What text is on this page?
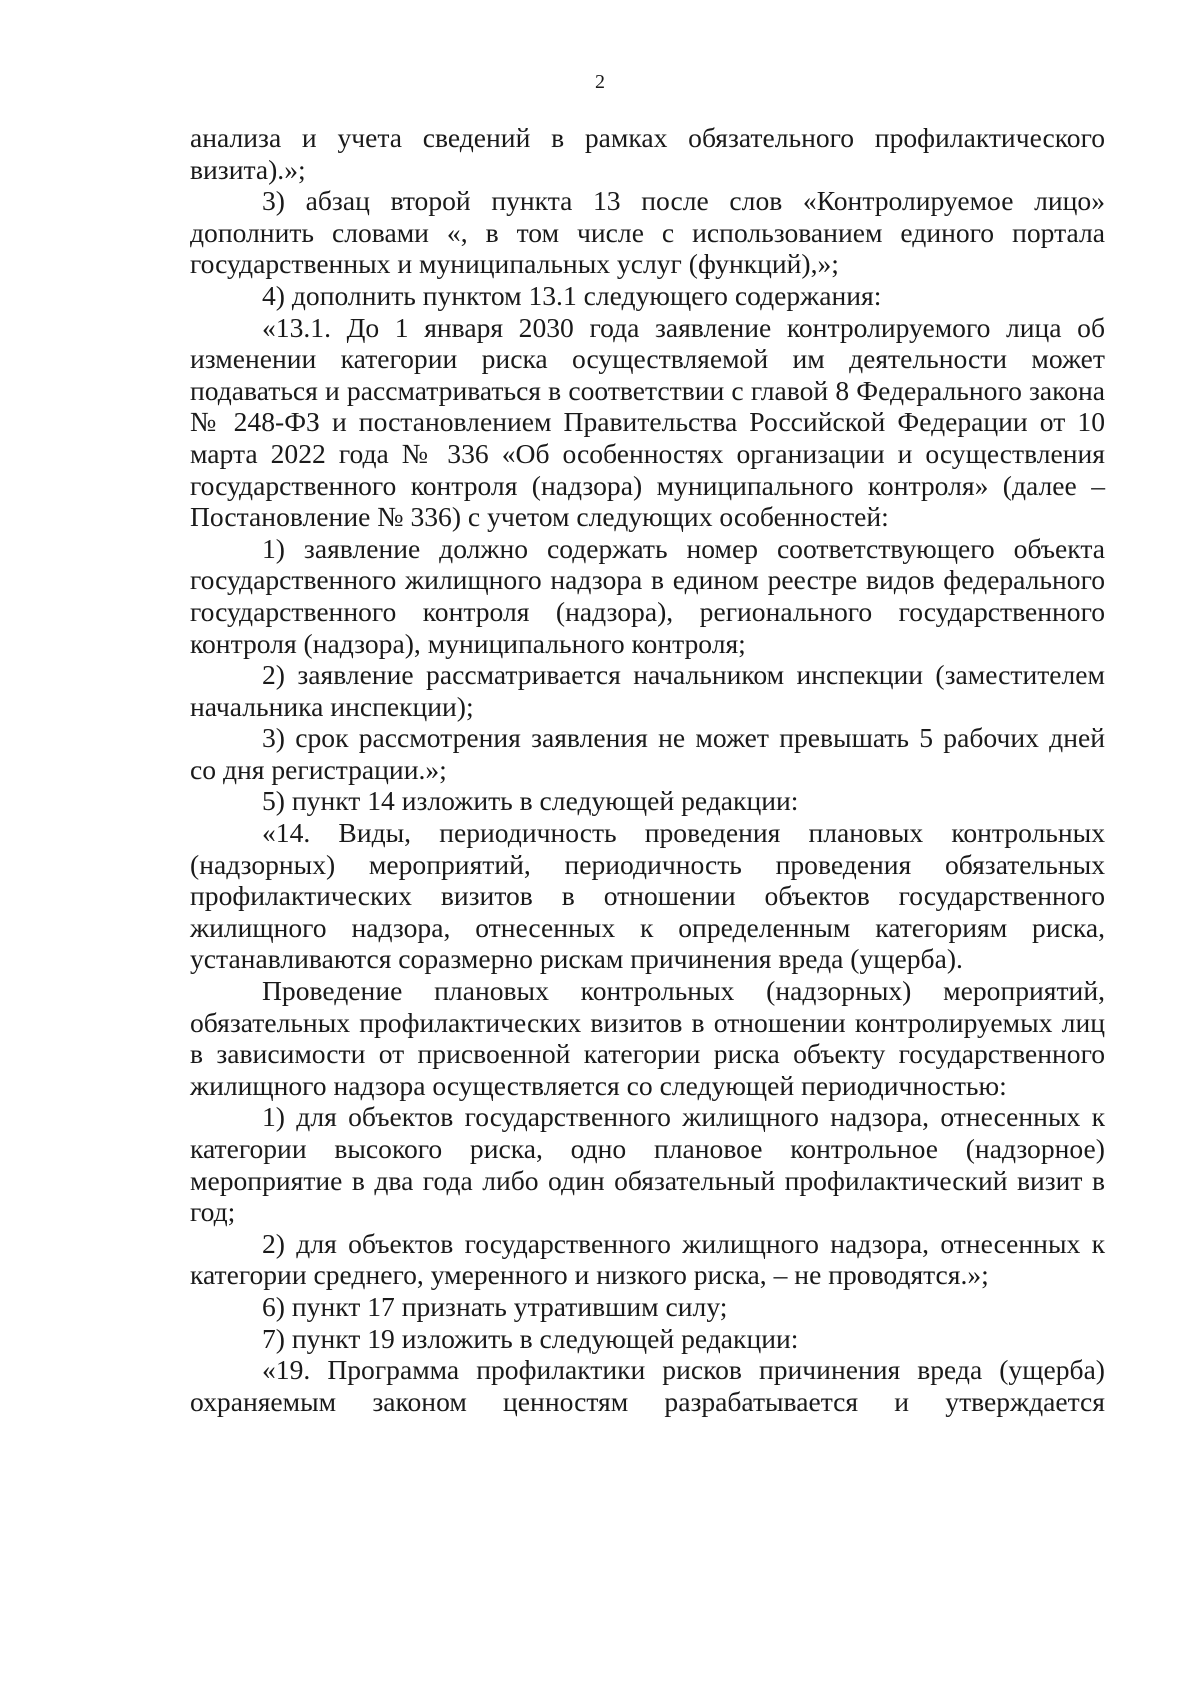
2

анализа и учета сведений в рамках обязательного профилактического визита).»;

3) абзац второй пункта 13 после слов «Контролируемое лицо» дополнить словами «, в том числе с использованием единого портала государственных и муниципальных услуг (функций),»;

4) дополнить пунктом 13.1 следующего содержания:

«13.1. До 1 января 2030 года заявление контролируемого лица об изменении категории риска осуществляемой им деятельности может подаваться и рассматриваться в соответствии с главой 8 Федерального закона № 248-ФЗ и постановлением Правительства Российской Федерации от 10 марта 2022 года № 336 «Об особенностях организации и осуществления государственного контроля (надзора) муниципального контроля» (далее – Постановление № 336) с учетом следующих особенностей:

1) заявление должно содержать номер соответствующего объекта государственного жилищного надзора в едином реестре видов федерального государственного контроля (надзора), регионального государственного контроля (надзора), муниципального контроля;

2) заявление рассматривается начальником инспекции (заместителем начальника инспекции);

3) срок рассмотрения заявления не может превышать 5 рабочих дней со дня регистрации.»;

5) пункт 14 изложить в следующей редакции:

«14. Виды, периодичность проведения плановых контрольных (надзорных) мероприятий, периодичность проведения обязательных профилактических визитов в отношении объектов государственного жилищного надзора, отнесенных к определенным категориям риска, устанавливаются соразмерно рискам причинения вреда (ущерба).

Проведение плановых контрольных (надзорных) мероприятий, обязательных профилактических визитов в отношении контролируемых лиц в зависимости от присвоенной категории риска объекту государственного жилищного надзора осуществляется со следующей периодичностью:

1) для объектов государственного жилищного надзора, отнесенных к категории высокого риска, одно плановое контрольное (надзорное) мероприятие в два года либо один обязательный профилактический визит в год;

2) для объектов государственного жилищного надзора, отнесенных к категории среднего, умеренного и низкого риска, – не проводятся.»;

6) пункт 17 признать утратившим силу;

7) пункт 19 изложить в следующей редакции:

«19. Программа профилактики рисков причинения вреда (ущерба) охраняемым законом ценностям разрабатывается и утверждается
